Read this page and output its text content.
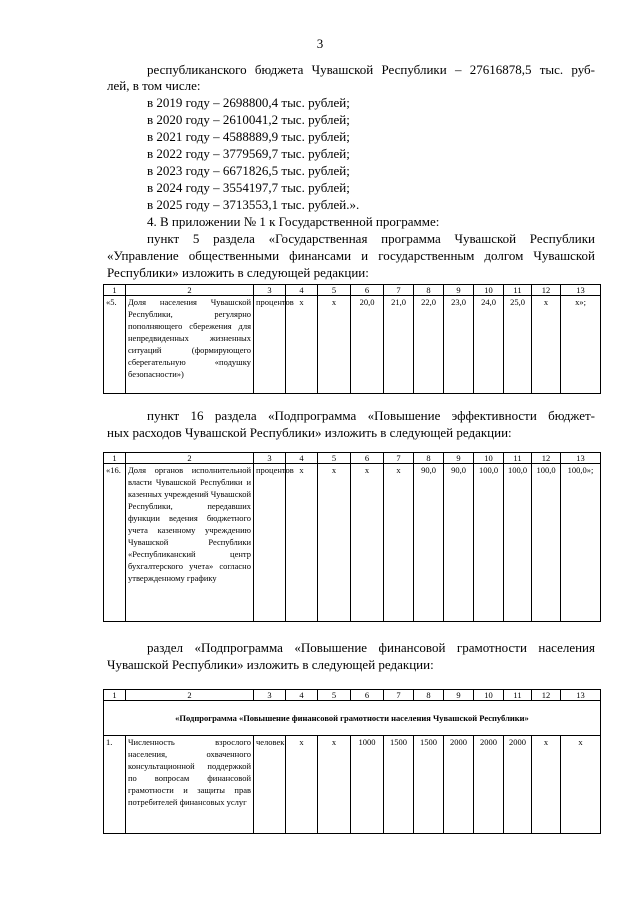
3
республиканского бюджета Чувашской Республики – 27616878,5 тыс. руб-
лей, в том числе:
в 2019 году – 2698800,4 тыс. рублей;
в 2020 году – 2610041,2 тыс. рублей;
в 2021 году – 4588889,9 тыс. рублей;
в 2022 году – 3779569,7 тыс. рублей;
в 2023 году – 6671826,5 тыс. рублей;
в 2024 году – 3554197,7 тыс. рублей;
в 2025 году – 3713553,1 тыс. рублей.».
4. В приложении № 1 к Государственной программе:
пункт 5 раздела «Государственная программа Чувашской Республики
«Управление общественными финансами и государственным долгом Чувашской
Республики» изложить в следующей редакции:
1	2	3	4	5	6	7	8	9	10	11	12	13
«5.	Доля населения Чувашской Республики, регулярно пополняющего сбережения для непредвиденных жизненных ситуаций (формирующего сберегательную «подушку безопасности»)	процентов	х	х	20,0	21,0	22,0	23,0	24,0	25,0	х	х»;
пункт 16 раздела «Подпрограмма «Повышение эффективности бюджет-
ных расходов Чувашской Республики» изложить в следующей редакции:
1	2	3	4	5	6	7	8	9	10	11	12	13
«16.	Доля органов исполнительной власти Чувашской Республики и казенных учреждений Чувашской Республики, передавших функции ведения бюджетного учета казенному учреждению Чувашской Республики «Республиканский центр бухгалтерского учета» согласно утвержденному графику	процентов	х	х	х	х	90,0	90,0	100,0	100,0	100,0	100,0»;
раздел «Подпрограмма «Повышение финансовой грамотности населения
Чувашской Республики» изложить в следующей редакции:
1	2	3	4	5	6	7	8	9	10	11	12	13
«Подпрограмма «Повышение финансовой грамотности населения Чувашской Республики»												
1.	Численность взрослого населения, охваченного консультационной поддержкой по вопросам финансовой грамотности и защиты прав потребителей финансовых услуг	человек	х	х	1000	1500	1500	2000	2000	2000	х	х
